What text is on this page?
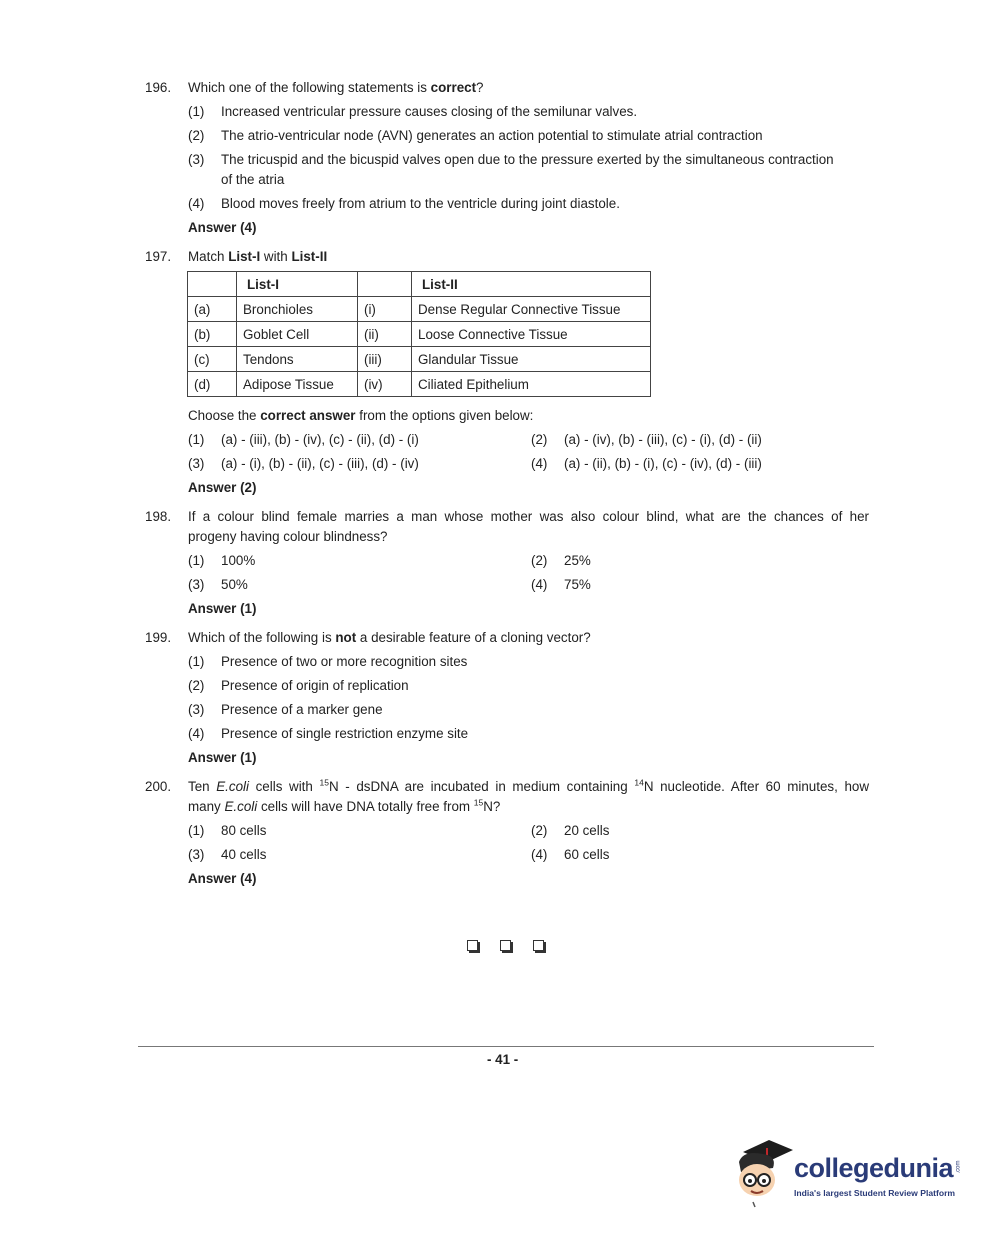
196. Which one of the following statements is correct?
(1) Increased ventricular pressure causes closing of the semilunar valves.
(2) The atrio-ventricular node (AVN) generates an action potential to stimulate atrial contraction
(3) The tricuspid and the bicuspid valves open due to the pressure exerted by the simultaneous contraction
of the atria
(4) Blood moves freely from atrium to the ventricle during joint diastole.
Answer (4)
197. Match List-I with List-II
	List-I		List-II
(a)	Bronchioles	(i)	Dense Regular Connective Tissue
(b)	Goblet Cell	(ii)	Loose Connective Tissue
(c)	Tendons	(iii)	Glandular Tissue
(d)	Adipose Tissue	(iv)	Ciliated Epithelium
Choose the correct answer from the options given below:
(1) (a) - (iii), (b) - (iv), (c) - (ii), (d) - (i)	(2) (a) - (iv), (b) - (iii), (c) - (i), (d) - (ii)
(3) (a) - (i), (b) - (ii), (c) - (iii), (d) - (iv)	(4) (a) - (ii), (b) - (i), (c) - (iv), (d) - (iii)
Answer (2)
198. If a colour blind female marries a man whose mother was also colour blind, what are the chances of her
progeny having colour blindness?
(1) 100%	(2) 25%
(3) 50%	(4) 75%
Answer (1)
199. Which of the following is not a desirable feature of a cloning vector?
(1) Presence of two or more recognition sites
(2) Presence of origin of replication
(3) Presence of a marker gene
(4) Presence of single restriction enzyme site
Answer (1)
200. Ten E.coli cells with $^{15}$N - dsDNA are incubated in medium containing $^{14}$N nucleotide. After 60 minutes, how
many E.coli cells will have DNA totally free from $^{15}$N?
(1) 80 cells	(2) 20 cells
(3) 40 cells	(4) 60 cells
Answer (4)
- 41 -
collegedunia .com
India's largest Student Review Platform
